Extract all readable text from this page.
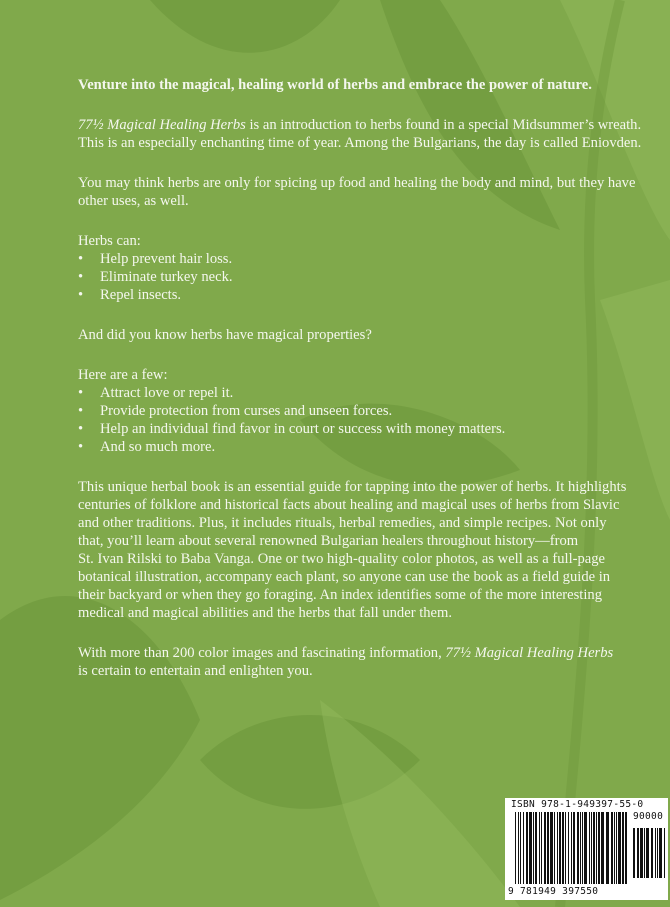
Venture into the magical, healing world of herbs and embrace the power of nature.

77½ Magical Healing Herbs is an introduction to herbs found in a special Midsummer’s wreath.
This is an especially enchanting time of year. Among the Bulgarians, the day is called Eniovden.

You may think herbs are only for spicing up food and healing the body and mind, but they have
other uses, as well.

Herbs can:
• Help prevent hair loss.
• Eliminate turkey neck.
• Repel insects.

And did you know herbs have magical properties?

Here are a few:
• Attract love or repel it.
• Provide protection from curses and unseen forces.
• Help an individual find favor in court or success with money matters.
• And so much more.
This unique herbal book is an essential guide for tapping into the power of herbs. It highlights
centuries of folklore and historical facts about healing and magical uses of herbs from Slavic
and other traditions. Plus, it includes rituals, herbal remedies, and simple recipes. Not only
that, you’ll learn about several renowned Bulgarian healers throughout history—from
St. Ivan Rilski to Baba Vanga. One or two high-quality color photos, as well as a full-page
botanical illustration, accompany each plant, so anyone can use the book as a field guide in
their backyard or when they go foraging. An index identifies some of the more interesting
medical and magical abilities and the herbs that fall under them.
With more than 200 color images and fascinating information, 77½ Magical Healing Herbs
is certain to entertain and enlighten you.
ISBN 978-1-949397-55-0
90000
9 781949 397550
